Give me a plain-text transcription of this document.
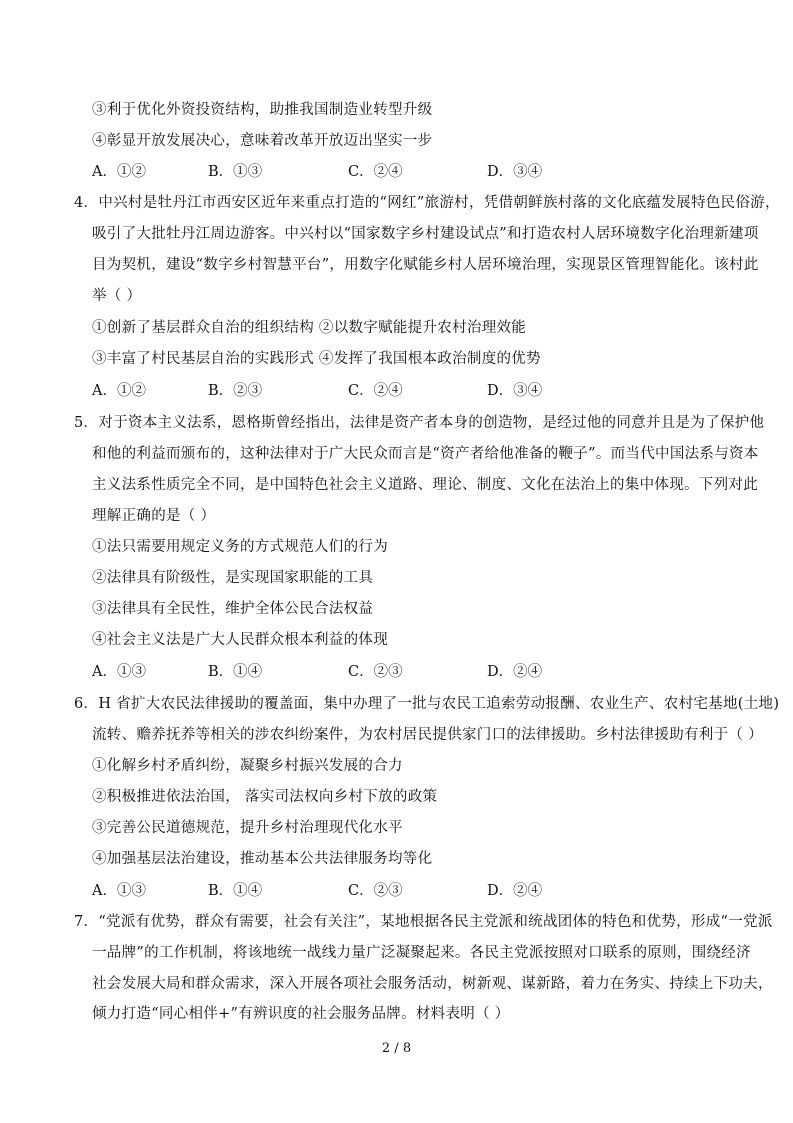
③利于优化外资投资结构，助推我国制造业转型升级
④彰显开放发展决心，意味着改革开放迈出坚实一步
A．①②	B．①③	C．②④	D．③④
4．中兴村是牡丹江市西安区近年来重点打造的“网红”旅游村，凭借朝鲜族村落的文化底蕴发展特色民俗游，
吸引了大批牡丹江周边游客。中兴村以“国家数字乡村建设试点”和打造农村人居环境数字化治理新建项
目为契机，建设“数字乡村智慧平台”，用数字化赋能乡村人居环境治理，实现景区管理智能化。该村此
举（ ）
①创新了基层群众自治的组织结构 ②以数字赋能提升农村治理效能
③丰富了村民基层自治的实践形式 ④发挥了我国根本政治制度的优势
A．①②	B．②③	C．②④	D．③④
5．对于资本主义法系，恩格斯曾经指出，法律是资产者本身的创造物，是经过他的同意并且是为了保护他
和他的利益而颁布的，这种法律对于广大民众而言是“资产者给他准备的鞭子”。而当代中国法系与资本
主义法系性质完全不同，是中国特色社会主义道路、理论、制度、文化在法治上的集中体现。下列对此
理解正确的是（ ）
①法只需要用规定义务的方式规范人们的行为
②法律具有阶级性，是实现国家职能的工具
③法律具有全民性，维护全体公民合法权益
④社会主义法是广大人民群众根本利益的体现
A．①③	B．①④	C．②③	D．②④
6．H 省扩大农民法律援助的覆盖面，集中办理了一批与农民工追索劳动报酬、农业生产、农村宅基地(土地)
流转、赡养抚养等相关的涉农纠纷案件，为农村居民提供家门口的法律援助。乡村法律援助有利于（ ）
①化解乡村矛盾纠纷，凝聚乡村振兴发展的合力
②积极推进依法治国， 落实司法权向乡村下放的政策
③完善公民道德规范，提升乡村治理现代化水平
④加强基层法治建设，推动基本公共法律服务均等化
A．①③	B．①④	C．②③	D．②④
7．“党派有优势，群众有需要，社会有关注”，某地根据各民主党派和统战团体的特色和优势，形成“一党派
一品牌”的工作机制，将该地统一战线力量广泛凝聚起来。各民主党派按照对口联系的原则，围绕经济
社会发展大局和群众需求，深入开展各项社会服务活动，树新观、谋新路，着力在务实、持续上下功夫，
倾力打造“同心相伴+”有辨识度的社会服务品牌。材料表明（ ）
2 / 8
